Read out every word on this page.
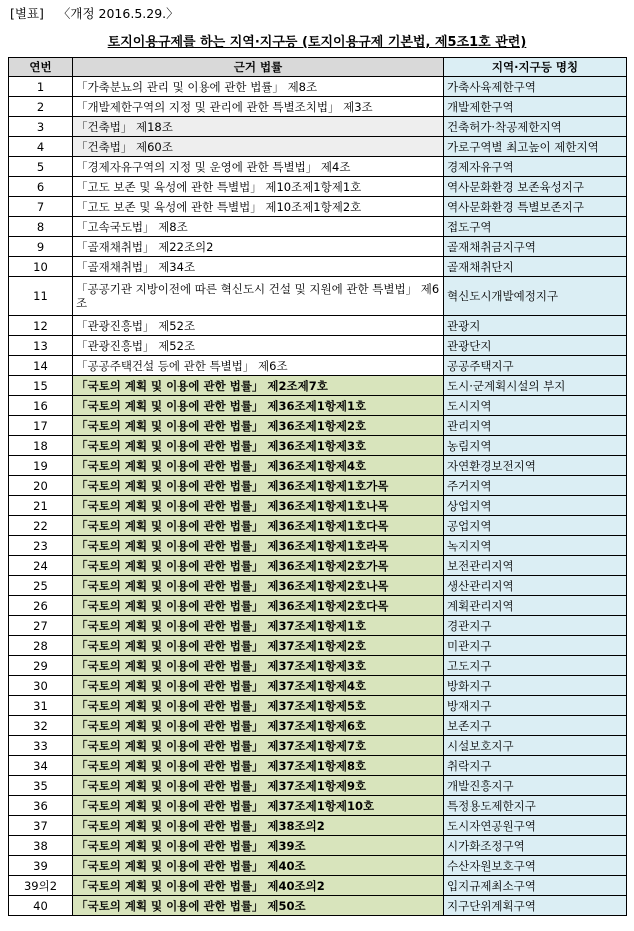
[별표] 〈개정 2016.5.29.〉
토지이용규제를 하는 지역·지구등 (토지이용규제 기본법, 제5조1호 관련)
연번	근거 법률	지역·지구등 명칭
1	「가축분뇨의 관리 및 이용에 관한 법률」 제8조	가축사육제한구역
2	「개발제한구역의 지정 및 관리에 관한 특별조치법」 제3조	개발제한구역
3	「건축법」 제18조	건축허가·착공제한지역
4	「건축법」 제60조	가로구역별 최고높이 제한지역
5	「경제자유구역의 지정 및 운영에 관한 특별법」 제4조	경제자유구역
6	「고도 보존 및 육성에 관한 특별법」 제10조제1항제1호	역사문화환경 보존육성지구
7	「고도 보존 및 육성에 관한 특별법」 제10조제1항제2호	역사문화환경 특별보존지구
8	「고속국도법」 제8조	접도구역
9	「골재채취법」 제22조의2	골재채취금지구역
10	「골재채취법」 제34조	골재채취단지
11	「공공기관 지방이전에 따른 혁신도시 건설 및 지원에 관한 특별법」 제6조	혁신도시개발예정지구
12	「관광진흥법」 제52조	관광지
13	「관광진흥법」 제52조	관광단지
14	「공공주택건설 등에 관한 특별법」 제6조	공공주택지구
15	「국토의 계획 및 이용에 관한 법률」 제2조제7호	도시·군계획시설의 부지
16	「국토의 계획 및 이용에 관한 법률」 제36조제1항제1호	도시지역
17	「국토의 계획 및 이용에 관한 법률」 제36조제1항제2호	관리지역
18	「국토의 계획 및 이용에 관한 법률」 제36조제1항제3호	농림지역
19	「국토의 계획 및 이용에 관한 법률」 제36조제1항제4호	자연환경보전지역
20	「국토의 계획 및 이용에 관한 법률」 제36조제1항제1호가목	주거지역
21	「국토의 계획 및 이용에 관한 법률」 제36조제1항제1호나목	상업지역
22	「국토의 계획 및 이용에 관한 법률」 제36조제1항제1호다목	공업지역
23	「국토의 계획 및 이용에 관한 법률」 제36조제1항제1호라목	녹지지역
24	「국토의 계획 및 이용에 관한 법률」 제36조제1항제2호가목	보전관리지역
25	「국토의 계획 및 이용에 관한 법률」 제36조제1항제2호나목	생산관리지역
26	「국토의 계획 및 이용에 관한 법률」 제36조제1항제2호다목	계획관리지역
27	「국토의 계획 및 이용에 관한 법률」 제37조제1항제1호	경관지구
28	「국토의 계획 및 이용에 관한 법률」 제37조제1항제2호	미관지구
29	「국토의 계획 및 이용에 관한 법률」 제37조제1항제3호	고도지구
30	「국토의 계획 및 이용에 관한 법률」 제37조제1항제4호	방화지구
31	「국토의 계획 및 이용에 관한 법률」 제37조제1항제5호	방재지구
32	「국토의 계획 및 이용에 관한 법률」 제37조제1항제6호	보존지구
33	「국토의 계획 및 이용에 관한 법률」 제37조제1항제7호	시설보호지구
34	「국토의 계획 및 이용에 관한 법률」 제37조제1항제8호	취락지구
35	「국토의 계획 및 이용에 관한 법률」 제37조제1항제9호	개발진흥지구
36	「국토의 계획 및 이용에 관한 법률」 제37조제1항제10호	특정용도제한지구
37	「국토의 계획 및 이용에 관한 법률」 제38조의2	도시자연공원구역
38	「국토의 계획 및 이용에 관한 법률」 제39조	시가화조정구역
39	「국토의 계획 및 이용에 관한 법률」 제40조	수산자원보호구역
39의2	「국토의 계획 및 이용에 관한 법률」 제40조의2	입지규제최소구역
40	「국토의 계획 및 이용에 관한 법률」 제50조	지구단위계획구역
